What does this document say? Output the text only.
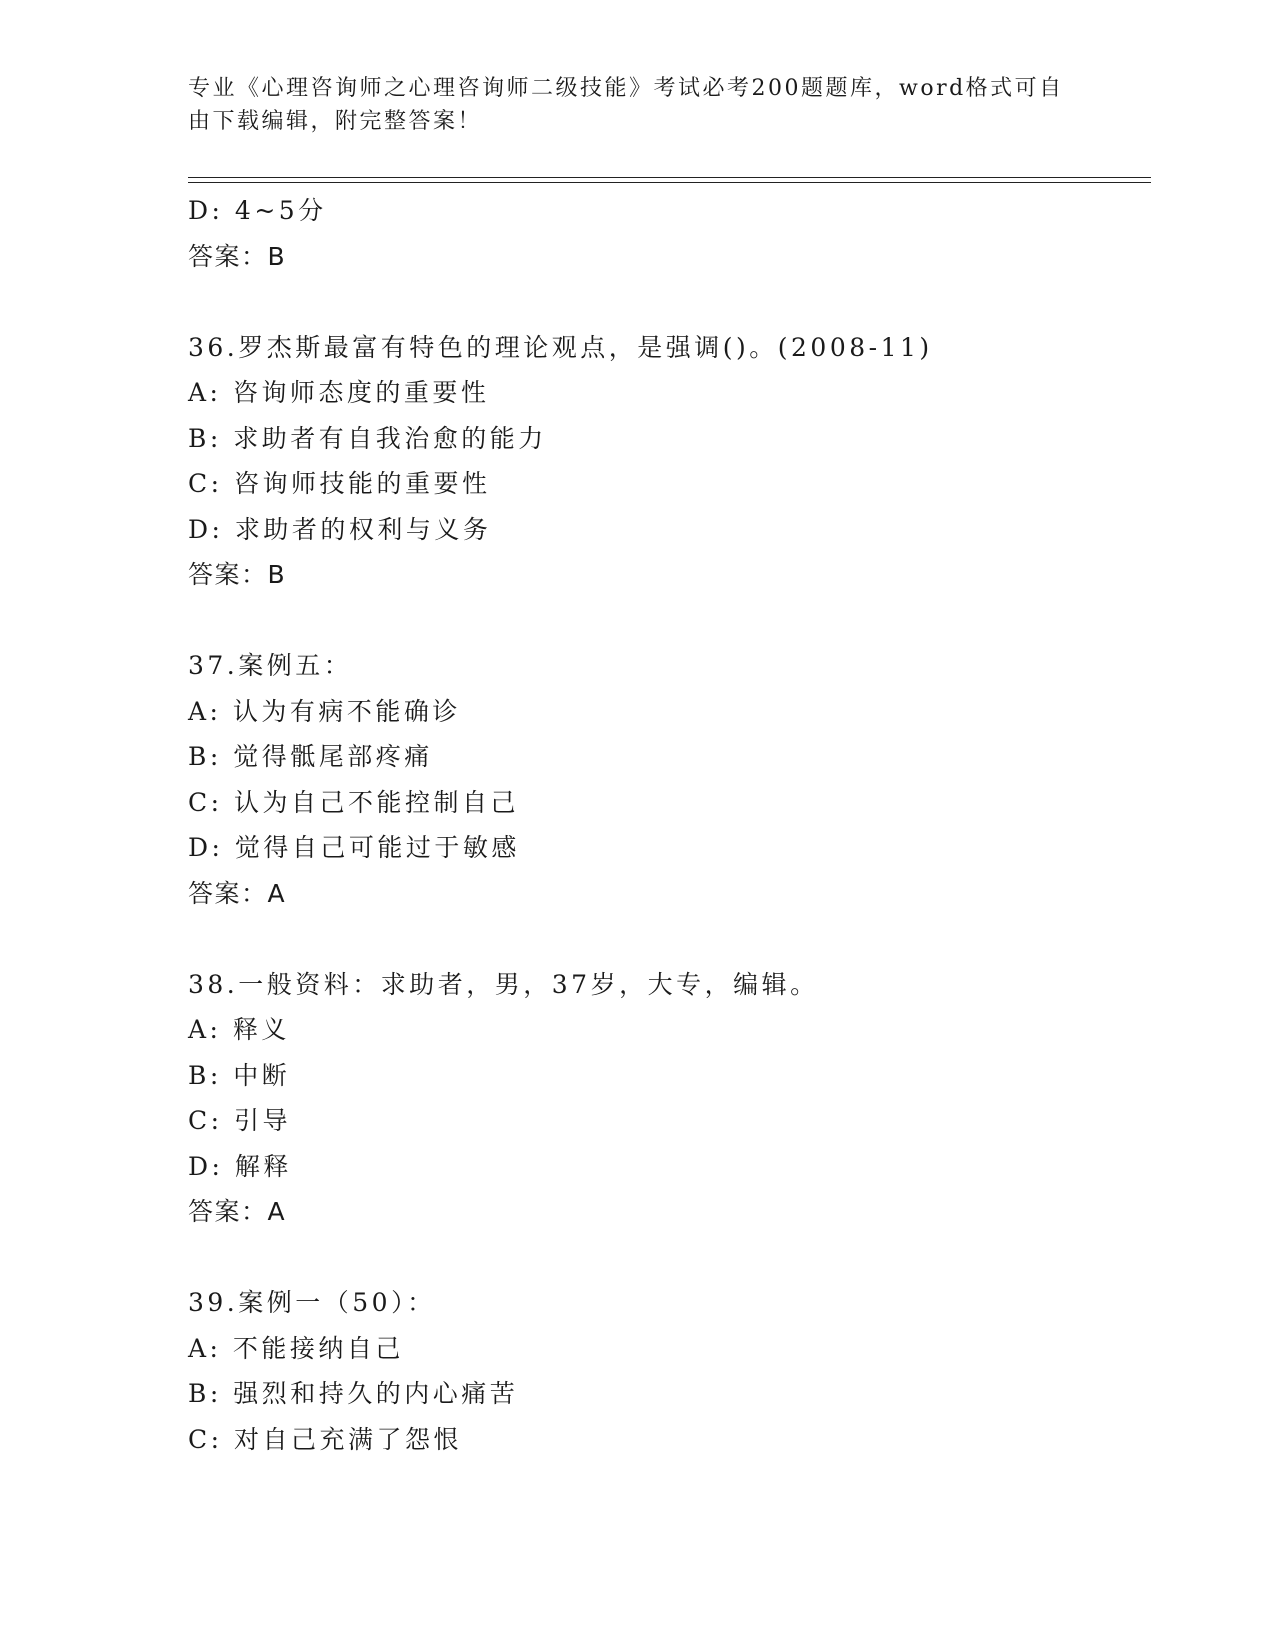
专业《心理咨询师之心理咨询师二级技能》考试必考200题题库，word格式可自
由下载编辑，附完整答案！
D: 4~5分
答案：B
36.罗杰斯最富有特色的理论观点，是强调()。(2008-11)
A: 咨询师态度的重要性
B: 求助者有自我治愈的能力
C: 咨询师技能的重要性
D: 求助者的权利与义务
答案：B
37.案例五：
A: 认为有病不能确诊
B: 觉得骶尾部疼痛
C: 认为自己不能控制自己
D: 觉得自己可能过于敏感
答案：A
38.一般资料：求助者，男，37岁，大专，编辑。
A: 释义
B: 中断
C: 引导
D: 解释
答案：A
39.案例一（50）：
A: 不能接纳自己
B: 强烈和持久的内心痛苦
C: 对自己充满了怨恨
